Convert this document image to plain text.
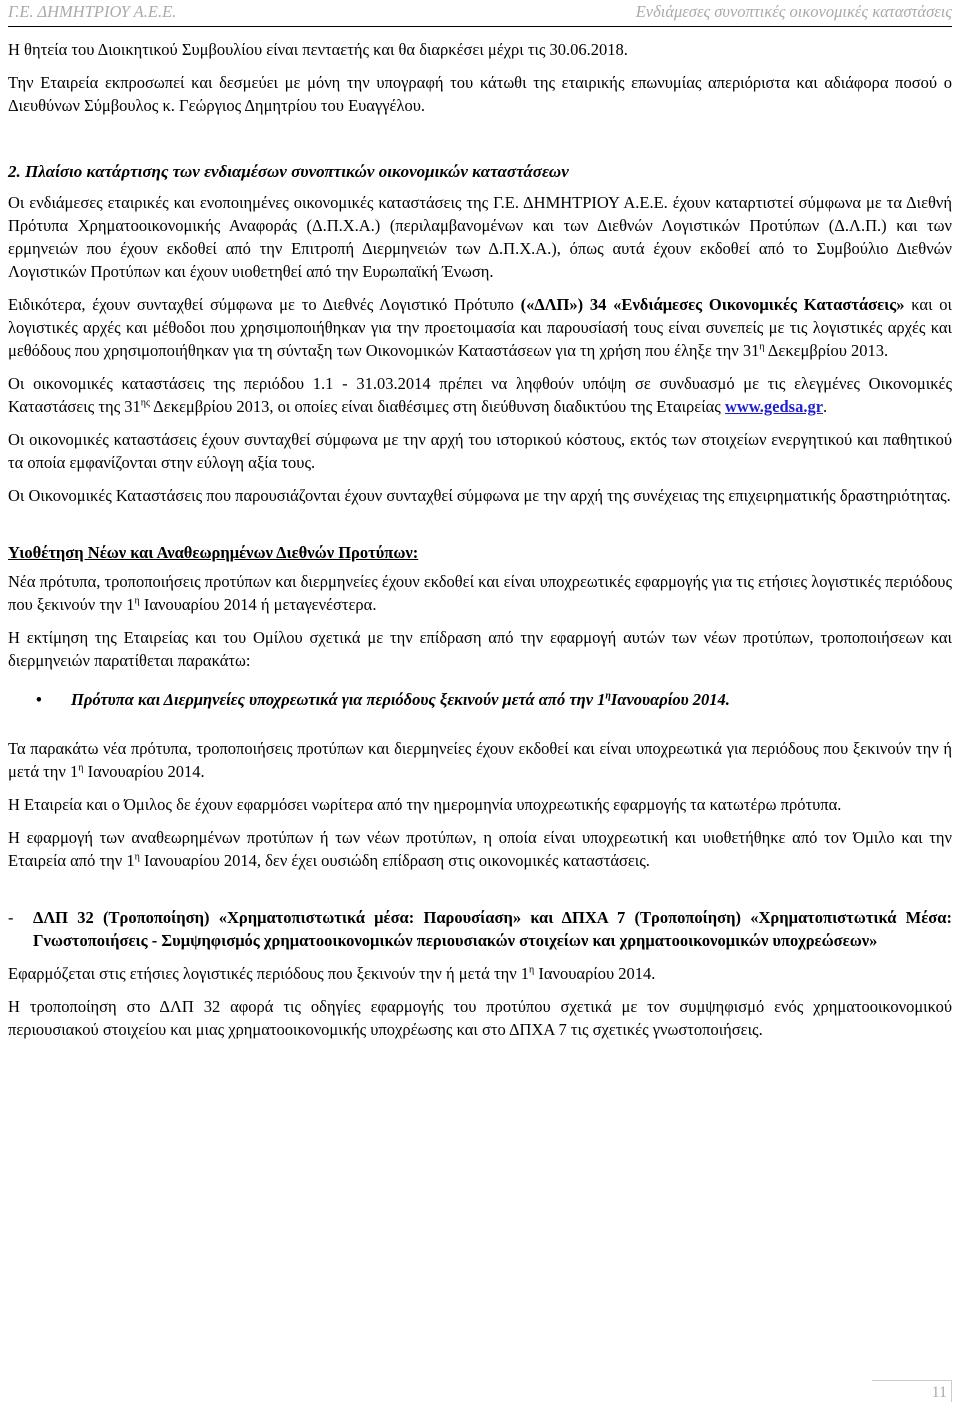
Γ.Ε. ΔΗΜΗΤΡΙΟΥ Α.Ε.Ε.	Ενδιάμεσες συνοπτικές οικονομικές καταστάσεις

Η θητεία του Διοικητικού Συμβουλίου είναι πενταετής και θα διαρκέσει μέχρι τις 30.06.2018.

Την Εταιρεία εκπροσωπεί και δεσμεύει με μόνη την υπογραφή του κάτωθι της εταιρικής επωνυμίας απεριόριστα και αδιάφορα ποσού ο Διευθύνων Σύμβουλος κ. Γεώργιος Δημητρίου του Ευαγγέλου.

2. Πλαίσιο κατάρτισης των ενδιαμέσων συνοπτικών οικονομικών καταστάσεων

Οι ενδιάμεσες εταιρικές και ενοποιημένες οικονομικές καταστάσεις της Γ.Ε. ΔΗΜΗΤΡΙΟΥ Α.Ε.Ε. έχουν καταρτιστεί σύμφωνα με τα Διεθνή Πρότυπα Χρηματοοικονομικής Αναφοράς (Δ.Π.Χ.Α.) (περιλαμβανομένων και των Διεθνών Λογιστικών Προτύπων (Δ.Λ.Π.) και των ερμηνειών που έχουν εκδοθεί από την Επιτροπή Διερμηνειών των Δ.Π.Χ.Α.), όπως αυτά έχουν εκδοθεί από το Συμβούλιο Διεθνών Λογιστικών Προτύπων και έχουν υιοθετηθεί από την Ευρωπαϊκή Ένωση.

Ειδικότερα, έχουν συνταχθεί σύμφωνα με το Διεθνές Λογιστικό Πρότυπο («ΔΛΠ») 34 «Ενδιάμεσες Οικονομικές Καταστάσεις» και οι λογιστικές αρχές και μέθοδοι που χρησιμοποιήθηκαν για την προετοιμασία και παρουσίασή τους είναι συνεπείς με τις λογιστικές αρχές και μεθόδους που χρησιμοποιήθηκαν για τη σύνταξη των Οικονομικών Καταστάσεων για τη χρήση που έληξε την $31^\eta$ Δεκεμβρίου 2013.

Οι οικονομικές καταστάσεις της περιόδου 1.1 - 31.03.2014 πρέπει να ληφθούν υπόψη σε συνδυασμό με τις ελεγμένες Οικονομικές Καταστάσεις της $31^{\eta\varsigma}$ Δεκεμβρίου 2013, οι οποίες είναι διαθέσιμες στη διεύθυνση διαδικτύου της Εταιρείας www.gedsa.gr.

Οι οικονομικές καταστάσεις έχουν συνταχθεί σύμφωνα με την αρχή του ιστορικού κόστους, εκτός των στοιχείων ενεργητικού και παθητικού τα οποία εμφανίζονται στην εύλογη αξία τους.

Οι Οικονομικές Καταστάσεις που παρουσιάζονται έχουν συνταχθεί σύμφωνα με την αρχή της συνέχειας της επιχειρηματικής δραστηριότητας.

Υιοθέτηση Νέων και Αναθεωρημένων Διεθνών Προτύπων:

Νέα πρότυπα, τροποποιήσεις προτύπων και διερμηνείες έχουν εκδοθεί και είναι υποχρεωτικές εφαρμογής για τις ετήσιες λογιστικές περιόδους που ξεκινούν την $1^\eta$ Ιανουαρίου 2014 ή μεταγενέστερα.

Η εκτίμηση της Εταιρείας και του Ομίλου σχετικά με την επίδραση από την εφαρμογή αυτών των νέων προτύπων, τροποποιήσεων και διερμηνειών παρατίθεται παρακάτω:

• Πρότυπα και Διερμηνείες υποχρεωτικά για περιόδους ξεκινούν μετά από την $1^\eta I\alpha\nu o\upsilon\alpha\rho ίo\upsilon$ 2014.

Τα παρακάτω νέα πρότυπα, τροποποιήσεις προτύπων και διερμηνείες έχουν εκδοθεί και είναι υποχρεωτικά για περιόδους που ξεκινούν την ή μετά την $1^\eta$ Ιανουαρίου 2014.

Η Εταιρεία και ο Όμιλος δε έχουν εφαρμόσει νωρίτερα από την ημερομηνία υποχρεωτικής εφαρμογής τα κατωτέρω πρότυπα.

Η εφαρμογή των αναθεωρημένων προτύπων ή των νέων προτύπων, η οποία είναι υποχρεωτική και υιοθετήθηκε από τον Όμιλο και την Εταιρεία από την $1^\eta$ Ιανουαρίου 2014, δεν έχει ουσιώδη επίδραση στις οικονομικές καταστάσεις.

- ΔΛΠ 32 (Τροποποίηση) «Χρηματοπιστωτικά μέσα: Παρουσίαση» και ΔΠΧΑ 7 (Τροποποίηση) «Χρηματοπιστωτικά Μέσα: Γνωστοποιήσεις - Συμψηφισμός χρηματοοικονομικών περιουσιακών στοιχείων και χρηματοοικονομικών υποχρεώσεων»

Εφαρμόζεται στις ετήσιες λογιστικές περιόδους που ξεκινούν την ή μετά την $1^\eta$ Ιανουαρίου 2014.

Η τροποποίηση στο ΔΛΠ 32 αφορά τις οδηγίες εφαρμογής του προτύπου σχετικά με τον συμψηφισμό ενός χρηματοοικονομικού περιουσιακού στοιχείου και μιας χρηματοοικονομικής υποχρέωσης και στο ΔΠΧΑ 7 τις σχετικές γνωστοποιήσεις.

11
